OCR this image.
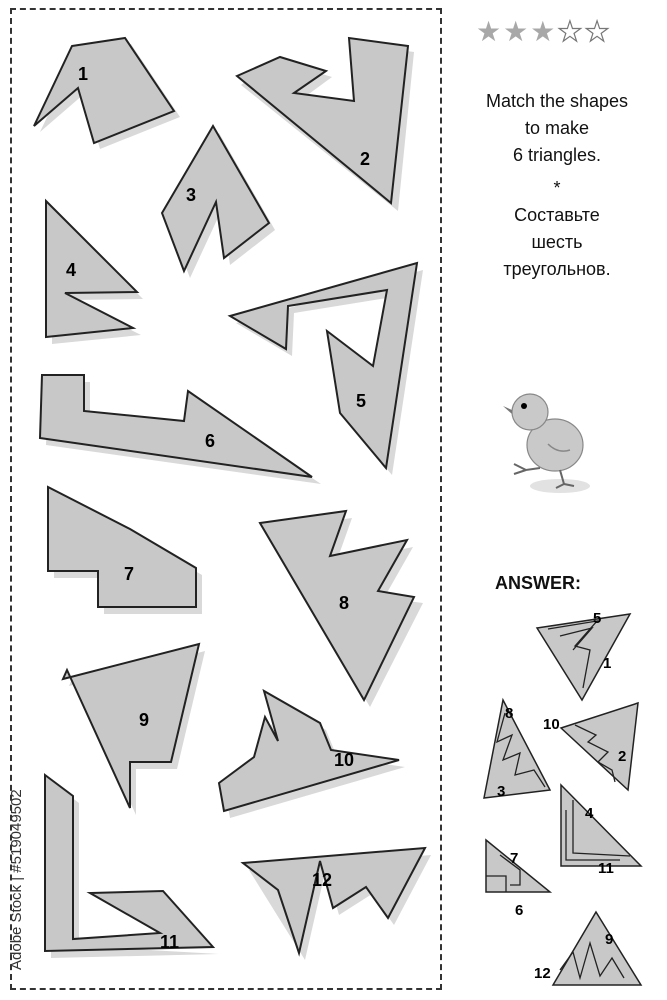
★ ★ ★ ★ ★
1
2
3
4
5
6
7
8
9
10
11
12
5
1
8
3
10
2
4
11
7
6
9
12
Match the shapes
to make
6 triangles.
*
Составьте
шесть
треугольнов.
ANSWER:
Adobe Stock | #519049502
